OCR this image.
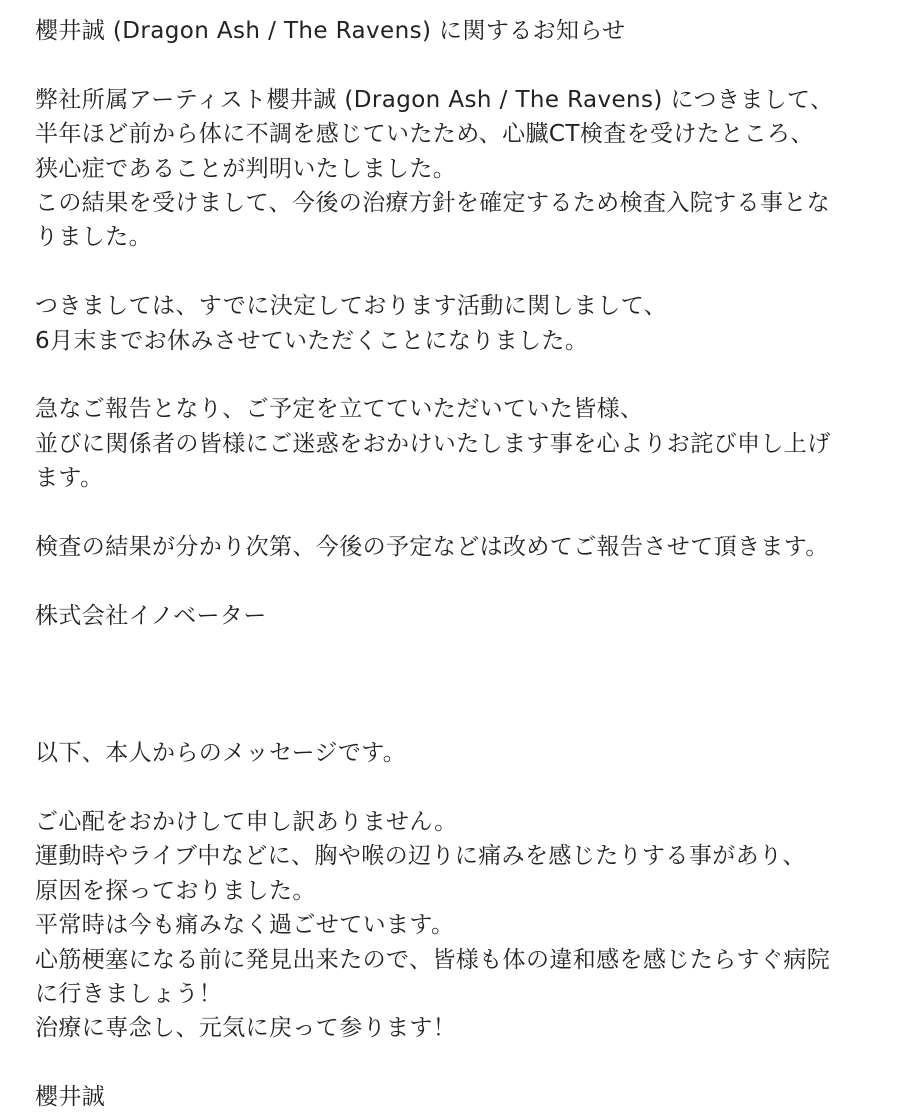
櫻井誠 (Dragon Ash / The Ravens) に関するお知らせ
弊社所属アーティスト櫻井誠 (Dragon Ash / The Ravens) につきまして、
半年ほど前から体に不調を感じていたため、心臓CT検査を受けたところ、
狭心症であることが判明いたしました。
この結果を受けまして、今後の治療方針を確定するため検査入院する事とな
りました。
つきましては、すでに決定しております活動に関しまして、
6月末までお休みさせていただくことになりました。
急なご報告となり、ご予定を立てていただいていた皆様、
並びに関係者の皆様にご迷惑をおかけいたします事を心よりお詫び申し上げ
ます。
検査の結果が分かり次第、今後の予定などは改めてご報告させて頂きます。
株式会社イノベーター
以下、本人からのメッセージです。
ご心配をおかけして申し訳ありません。
運動時やライブ中などに、胸や喉の辺りに痛みを感じたりする事があり、
原因を探っておりました。
平常時は今も痛みなく過ごせています。
心筋梗塞になる前に発見出来たので、皆様も体の違和感を感じたらすぐ病院
に行きましょう！
治療に専念し、元気に戻って参ります！
櫻井誠
